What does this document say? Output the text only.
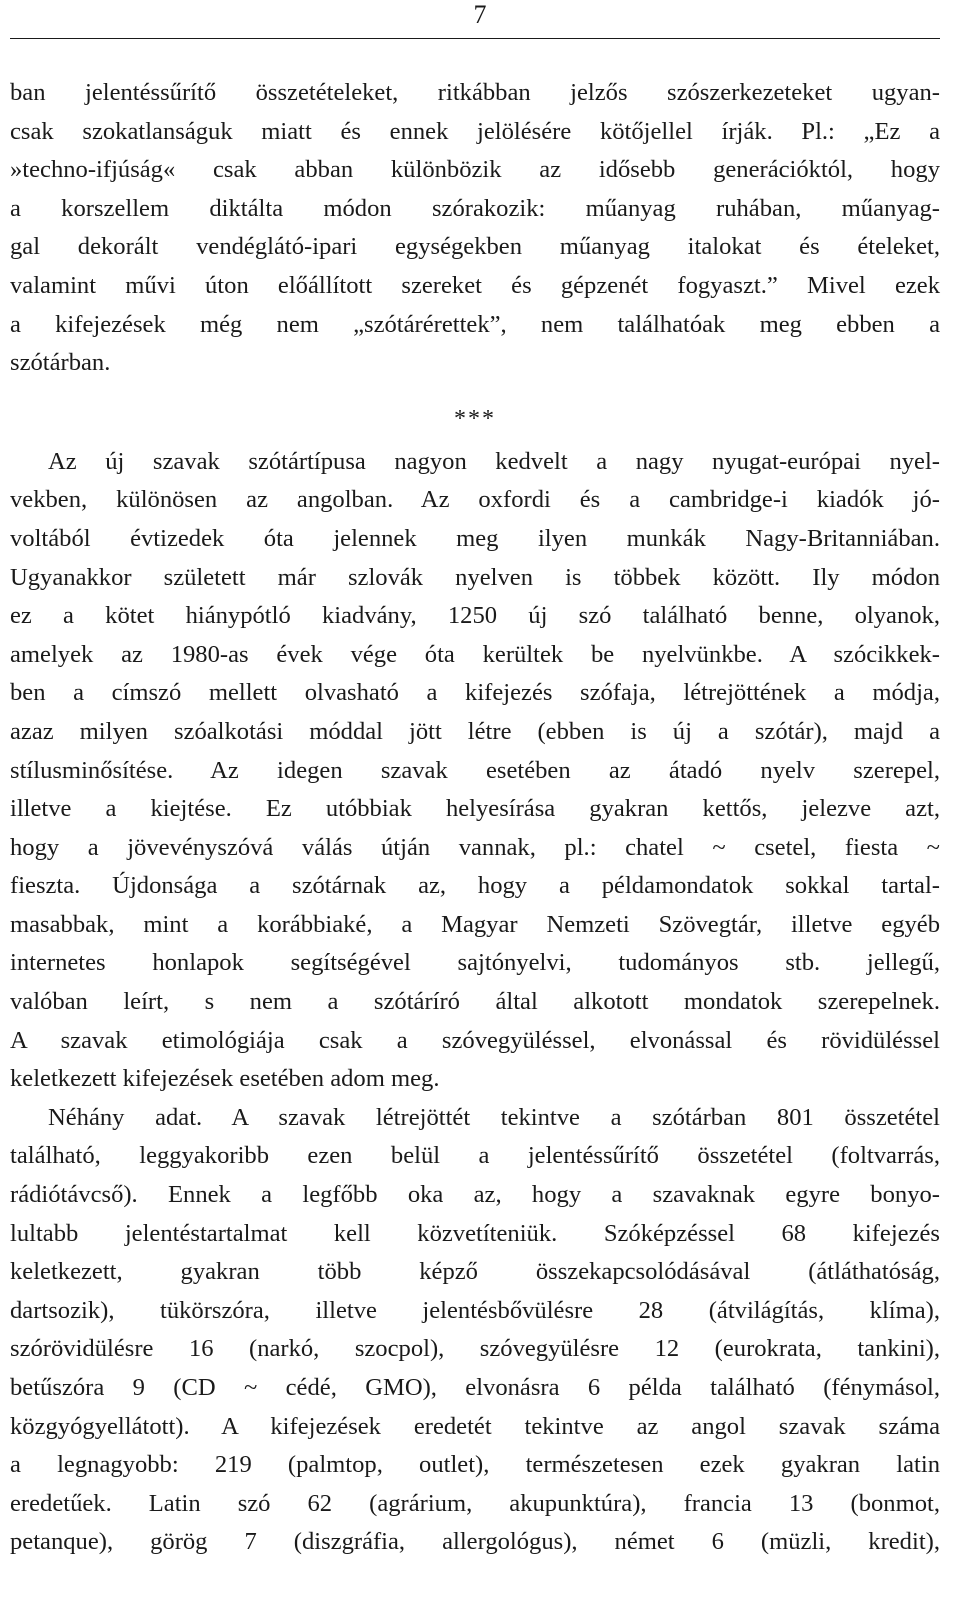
7
ban jelentéssűrítő összetételeket, ritkábban jelzős szószerkezeteket ugyan-
csak szokatlanságuk miatt és ennek jelölésére kötőjellel írják. Pl.: „Ez a
»techno-ifjúság« csak abban különbözik az idősebb generációktól, hogy
a korszellem diktálta módon szórakozik: műanyag ruhában, műanyag-
gal dekorált vendéglátó-ipari egységekben műanyag italokat és ételeket,
valamint művi úton előállított szereket és gépzenét fogyaszt.” Mivel ezek
a kifejezések még nem „szótárérettek”, nem találhatóak meg ebben a
szótárban.
***
Az új szavak szótártípusa nagyon kedvelt a nagy nyugat-európai nyel-
vekben, különösen az angolban. Az oxfordi és a cambridge-i kiadók jó-
voltából évtizedek óta jelennek meg ilyen munkák Nagy-Britanniában.
Ugyanakkor született már szlovák nyelven is többek között. Ily módon
ez a kötet hiánypótló kiadvány, 1250 új szó található benne, olyanok,
amelyek az 1980-as évek vége óta kerültek be nyelvünkbe. A szócikkek-
ben a címszó mellett olvasható a kifejezés szófaja, létrejöttének a módja,
azaz milyen szóalkotási móddal jött létre (ebben is új a szótár), majd a
stílusminősítése. Az idegen szavak esetében az átadó nyelv szerepel,
illetve a kiejtése. Ez utóbbiak helyesírása gyakran kettős, jelezve azt,
hogy a jövevényszóvá válás útján vannak, pl.: chatel ~ csetel, fiesta ~
fieszta. Újdonsága a szótárnak az, hogy a példamondatok sokkal tartal-
masabbak, mint a korábbiaké, a Magyar Nemzeti Szövegtár, illetve egyéb
internetes honlapok segítségével sajtónyelvi, tudományos stb. jellegű,
valóban leírt, s nem a szótáríró által alkotott mondatok szerepelnek.
A szavak etimológiája csak a szóvegyüléssel, elvonással és rövidüléssel
keletkezett kifejezések esetében adom meg.
Néhány adat. A szavak létrejöttét tekintve a szótárban 801 összetétel
található, leggyakoribb ezen belül a jelentéssűrítő összetétel (foltvarrás,
rádiótávcső). Ennek a legfőbb oka az, hogy a szavaknak egyre bonyo-
lultabb jelentéstartalmat kell közvetíteniük. Szóképzéssel 68 kifejezés
keletkezett, gyakran több képző összekapcsolódásával (átláthatóság,
dartsozik), tükörszóra, illetve jelentésbővülésre 28 (átvilágítás, klíma),
szórövidülésre 16 (narkó, szocpol), szóvegyülésre 12 (eurokrata, tankini),
betűszóra 9 (CD ~ cédé, GMO), elvonásra 6 példa található (fénymásol,
közgyógyellátott). A kifejezések eredetét tekintve az angol szavak száma
a legnagyobb: 219 (palmtop, outlet), természetesen ezek gyakran latin
eredetűek. Latin szó 62 (agrárium, akupunktúra), francia 13 (bonmot,
petanque), görög 7 (diszgráfia, allergológus), német 6 (müzli, kredit),
